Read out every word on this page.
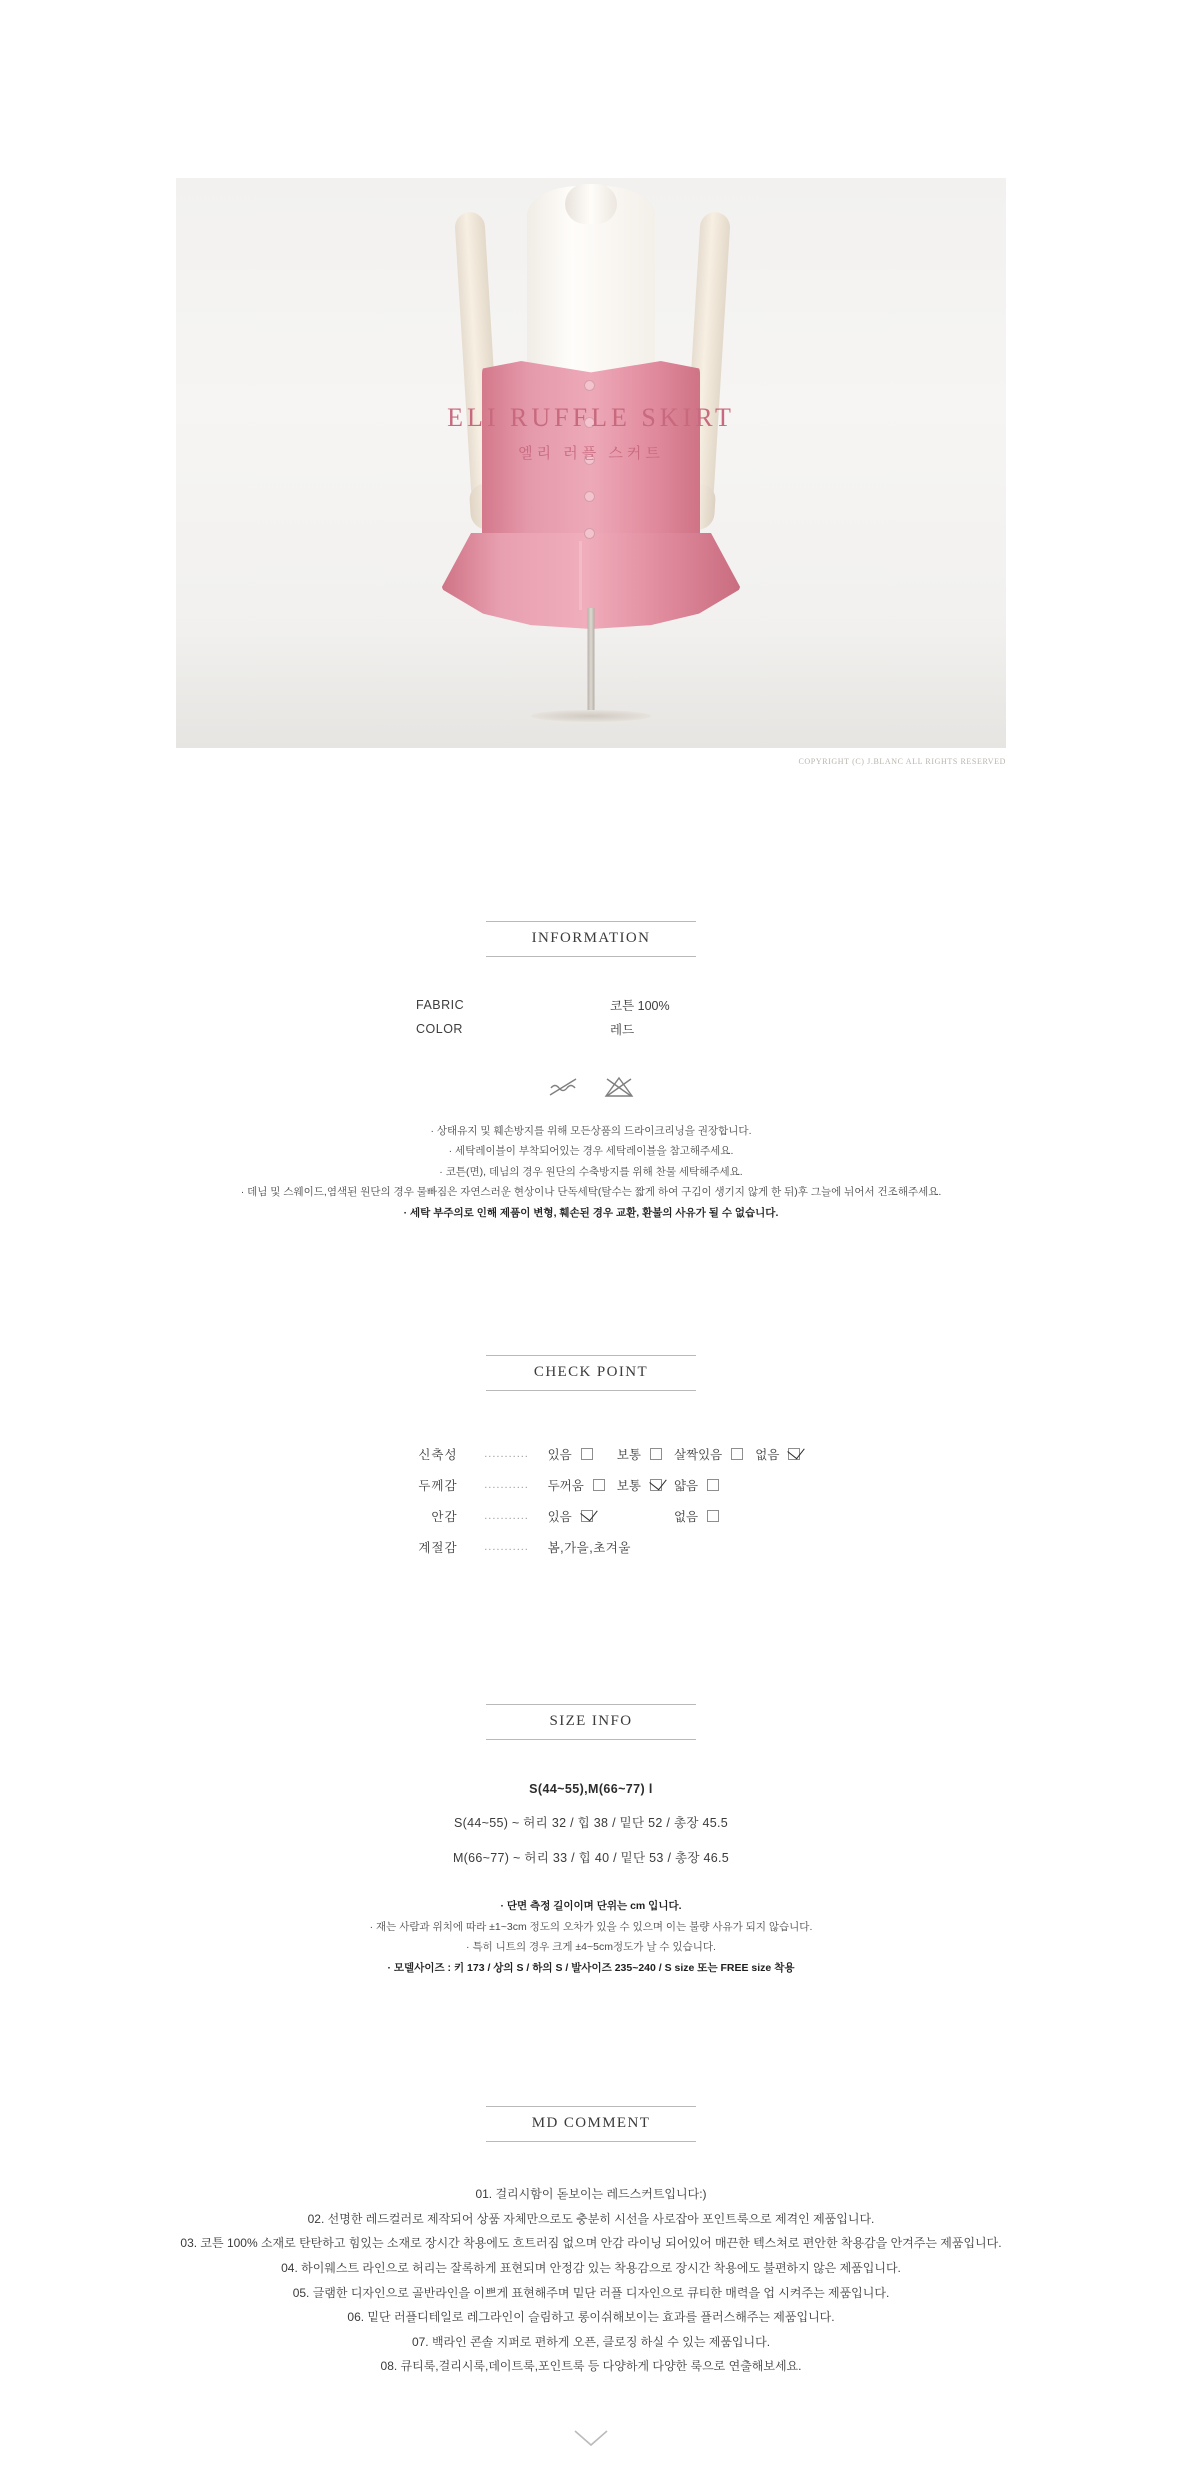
ELI RUFFLE SKIRT
엘리 러플 스커트
COPYRIGHT (C) J.BLANC ALL RIGHTS RESERVED
INFORMATION
FABRIC	코튼 100%
COLOR	레드
· 상태유지 및 훼손방지를 위해 모든상품의 드라이크리닝을 권장합니다.
· 세탁레이블이 부착되어있는 경우 세탁레이블을 참고해주세요.
· 코튼(면), 데님의 경우 원단의 수축방지를 위해 찬물 세탁해주세요.
· 데님 및 스웨이드,염색된 원단의 경우 물빠짐은 자연스러운 현상이나 단독세탁(탈수는 짧게 하여 구김이 생기지 않게 한 뒤)후 그늘에 뉘어서 건조해주세요.
· 세탁 부주의로 인해 제품이 변형, 훼손된 경우 교환, 환불의 사유가 될 수 없습니다.
CHECK POINT
신축성	...........	있음	보통	살짝있음	없음
두께감	...........	두꺼움	보통	얇음	
안감	...........	있음		없음	
계절감	...........	봄,가을,초겨울			
SIZE INFO
S(44~55),M(66~77) l
S(44~55) ~ 허리 32 / 힙 38 / 밑단 52 / 총장 45.5
M(66~77) ~ 허리 33 / 힙 40 / 밑단 53 / 총장 46.5
· 단면 측정 길이이며 단위는 cm 입니다.
· 재는 사람과 위치에 따라 ±1~3cm 정도의 오차가 있을 수 있으며 이는 불량 사유가 되지 않습니다.
· 특히 니트의 경우 크게 ±4~5cm정도가 날 수 있습니다.
· 모델사이즈 : 키 173 / 상의 S / 하의 S / 발사이즈 235~240 / S size 또는 FREE size 착용
MD COMMENT
01. 걸리시함이 돋보이는 레드스커트입니다:)
02. 선명한 레드컬러로 제작되어 상품 자체만으로도 충분히 시선을 사로잡아 포인트룩으로 제격인 제품입니다.
03. 코튼 100% 소재로 탄탄하고 힘있는 소재로 장시간 착용에도 흐트러짐 없으며 안감 라이닝 되어있어 매끈한 텍스쳐로 편안한 착용감을 안겨주는 제품입니다.
04. 하이웨스트 라인으로 허리는 잘록하게 표현되며 안정감 있는 착용감으로 장시간 착용에도 불편하지 않은 제품입니다.
05. 글램한 디자인으로 골반라인을 이쁘게 표현해주며 밑단 러플 디자인으로 큐티한 매력을 업 시켜주는 제품입니다.
06. 밑단 러플디테일로 레그라인이 슬림하고 롱이쉬해보이는 효과를 플러스해주는 제품입니다.
07. 백라인 콘솔 지퍼로 편하게 오픈, 클로징 하실 수 있는 제품입니다.
08. 큐티룩,걸리시룩,데이트룩,포인트룩 등 다양하게 다양한 룩으로 연출해보세요.
